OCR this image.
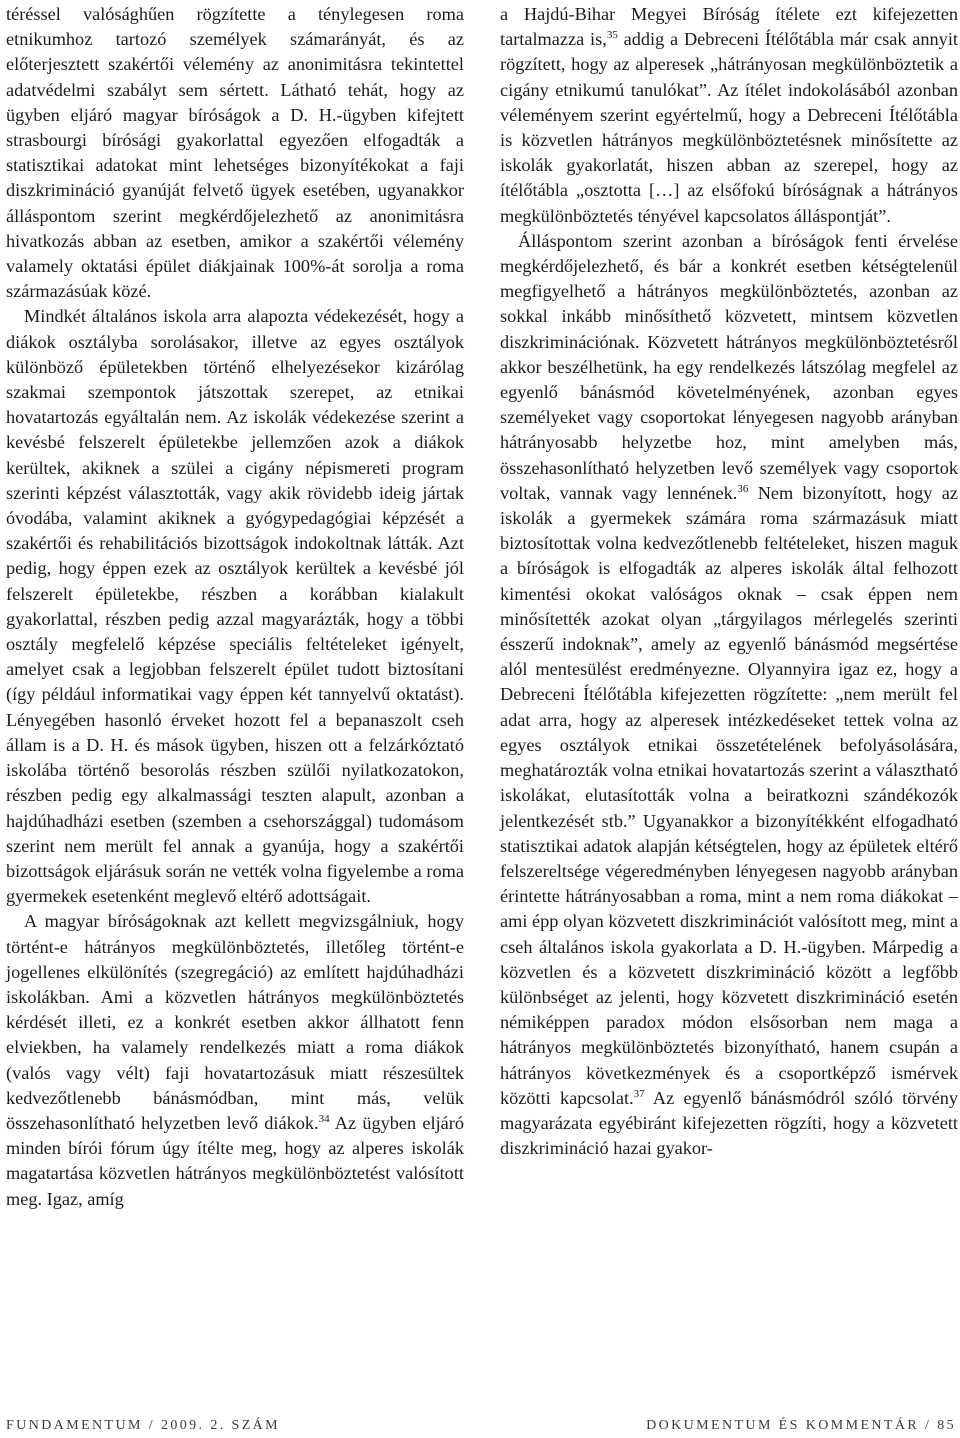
téréssel valósághűen rögzítette a ténylegesen roma etnikumhoz tartozó személyek számarányát, és az előterjesztett szakértői vélemény az anonimitásra tekintettel adatvédelmi szabályt sem sértett. Látható tehát, hogy az ügyben eljáró magyar bíróságok a D. H.-ügyben kifejtett strasbourgi bírósági gyakorlattal egyezően elfogadták a statisztikai adatokat mint lehetséges bizonyítékokat a faji diszkrimináció gyanúját felvető ügyek esetében, ugyanakkor álláspontom szerint megkérdőjelezhető az anonimitásra hivatkozás abban az esetben, amikor a szakértői vélemény valamely oktatási épület diákjainak 100%-át sorolja a roma származásúak közé.

Mindkét általános iskola arra alapozta védekezését, hogy a diákok osztályba sorolásakor, illetve az egyes osztályok különböző épületekben történő elhelyezésekor kizárólag szakmai szempontok játszottak szerepet, az etnikai hovatartozás egyáltalán nem. Az iskolák védekezése szerint a kevésbé felszerelt épületekbe jellemzően azok a diákok kerültek, akiknek a szülei a cigány népismereti program szerinti képzést választották, vagy akik rövidebb ideig jártak óvodába, valamint akiknek a gyógypedagógiai képzését a szakértői és rehabilitációs bizottságok indokoltnak látták. Azt pedig, hogy éppen ezek az osztályok kerültek a kevésbé jól felszerelt épületekbe, részben a korábban kialakult gyakorlattal, részben pedig azzal magyarázták, hogy a többi osztály megfelelő képzése speciális feltételeket igényelt, amelyet csak a legjobban felszerelt épület tudott biztosítani (így például informatikai vagy éppen két tannyelvű oktatást). Lényegében hasonló érveket hozott fel a bepanaszolt cseh állam is a D. H. és mások ügyben, hiszen ott a felzárkóztató iskolába történő besorolás részben szülői nyilatkozatokon, részben pedig egy alkalmassági teszten alapult, azonban a hajdúhadházi esetben (szemben a csehországgal) tudomásom szerint nem merült fel annak a gyanúja, hogy a szakértői bizottságok eljárásuk során ne vették volna figyelembe a roma gyermekek esetenként meglevő eltérő adottságait.

A magyar bíróságoknak azt kellett megvizsgálniuk, hogy történt-e hátrányos megkülönböztetés, illetőleg történt-e jogellenes elkülönítés (szegregáció) az említett hajdúhadházi iskolákban. Ami a közvetlen hátrányos megkülönböztetés kérdését illeti, ez a konkrét esetben akkor állhatott fenn elviekben, ha valamely rendelkezés miatt a roma diákok (valós vagy vélt) faji hovatartozásuk miatt részesültek kedvezőtlenebb bánásmódban, mint más, velük összehasonlítható helyzetben levő diákok.$^{34}$ Az ügyben eljáró minden bírói fórum úgy ítélte meg, hogy az alperes iskolák magatartása közvetlen hátrányos megkülönböztetést valósított meg. Igaz, amíg

a Hajdú-Bihar Megyei Bíróság ítélete ezt kifejezetten tartalmazza is,$^{35}$ addig a Debreceni Ítélőtábla már csak annyit rögzített, hogy az alperesek „hátrányosan megkülönböztetik a cigány etnikumú tanulókat”. Az ítélet indokolásából azonban véleményem szerint egyértelmű, hogy a Debreceni Ítélőtábla is közvetlen hátrányos megkülönböztetésnek minősítette az iskolák gyakorlatát, hiszen abban az szerepel, hogy az ítélőtábla „osztotta […] az elsőfokú bíróságnak a hátrányos megkülönböztetés tényével kapcsolatos álláspontját”.

Álláspontom szerint azonban a bíróságok fenti érvelése megkérdőjelezhető, és bár a konkrét esetben kétségtelenül megfigyelhető a hátrányos megkülönböztetés, azonban az sokkal inkább minősíthető közvetett, mintsem közvetlen diszkriminációnak. Közvetett hátrányos megkülönböztetésről akkor beszélhetünk, ha egy rendelkezés látszólag megfelel az egyenlő bánásmód követelményének, azonban egyes személyeket vagy csoportokat lényegesen nagyobb arányban hátrányosabb helyzetbe hoz, mint amelyben más, összehasonlítható helyzetben levő személyek vagy csoportok voltak, vannak vagy lennének.$^{36}$ Nem bizonyított, hogy az iskolák a gyermekek számára roma származásuk miatt biztosítottak volna kedvezőtlenebb feltételeket, hiszen maguk a bíróságok is elfogadták az alperes iskolák által felhozott kimentési okokat valóságos oknak – csak éppen nem minősítették azokat olyan „tárgyilagos mérlegelés szerinti ésszerű indoknak”, amely az egyenlő bánásmód megsértése alól mentesülést eredményezne. Olyannyira igaz ez, hogy a Debreceni Ítélőtábla kifejezetten rögzítette: „nem merült fel adat arra, hogy az alperesek intézkedéseket tettek volna az egyes osztályok etnikai összetételének befolyásolására, meghatározták volna etnikai hovatartozás szerint a választható iskolákat, elutasították volna a beiratkozni szándékozók jelentkezését stb.” Ugyanakkor a bizonyítékként elfogadható statisztikai adatok alapján kétségtelen, hogy az épületek eltérő felszereltsége végeredményben lényegesen nagyobb arányban érintette hátrányosabban a roma, mint a nem roma diákokat – ami épp olyan közvetett diszkriminációt valósított meg, mint a cseh általános iskola gyakorlata a D. H.-ügyben. Márpedig a közvetlen és a közvetett diszkrimináció között a legfőbb különbséget az jelenti, hogy közvetett diszkrimináció esetén némiképpen paradox módon elsősorban nem maga a hátrányos megkülönböztetés bizonyítható, hanem csupán a hátrányos következmények és a csoportképző ismérvek közötti kapcsolat.$^{37}$ Az egyenlő bánásmódról szóló törvény magyarázata egyébiránt kifejezetten rögzíti, hogy a közvetett diszkrimináció hazai gyakor-

FUNDAMENTUM / 2009. 2. SZÁM	DOKUMENTUM ÉS KOMMENTÁR / 85
